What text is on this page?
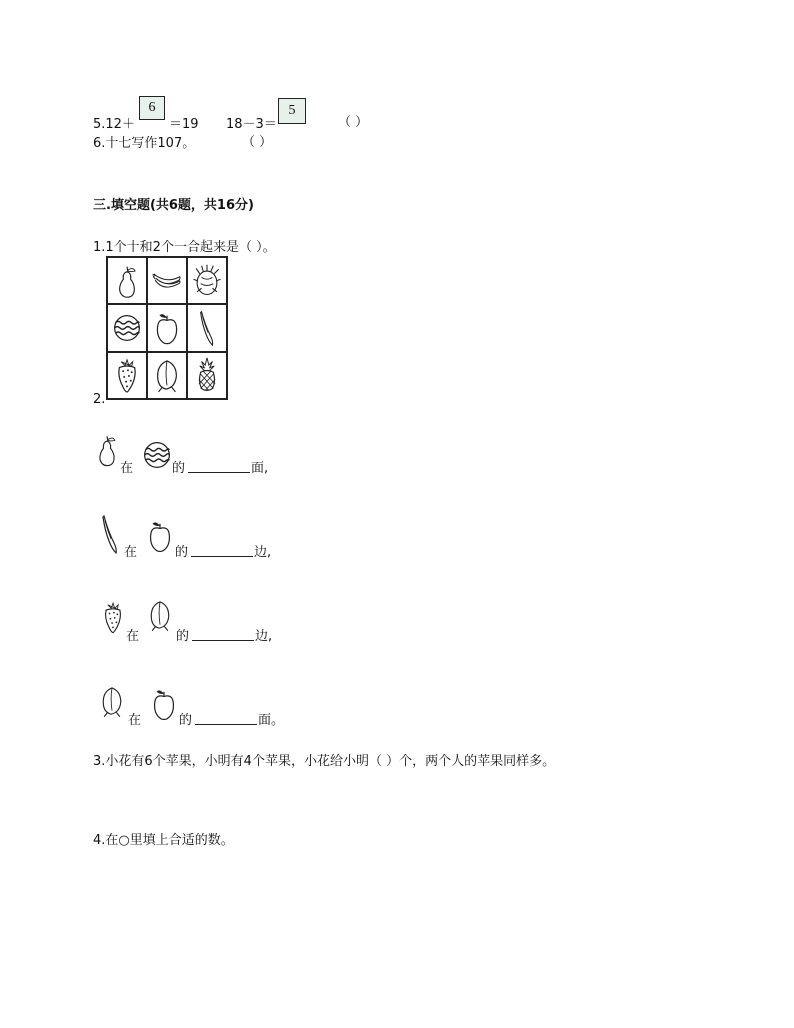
5.12＋
6
＝19 18－3＝
5
（ ）
6.十七写作107。	（ ）
三.填空题(共6题，共16分)
1.1个十和2个一合起来是（ ）。
2.
在	的	面,
在	的	边,
在	的	边,
在	的	面。
3.小花有6个苹果，小明有4个苹果，小花给小明（ ）个，两个人的苹果同样多。
4.在○里填上合适的数。
